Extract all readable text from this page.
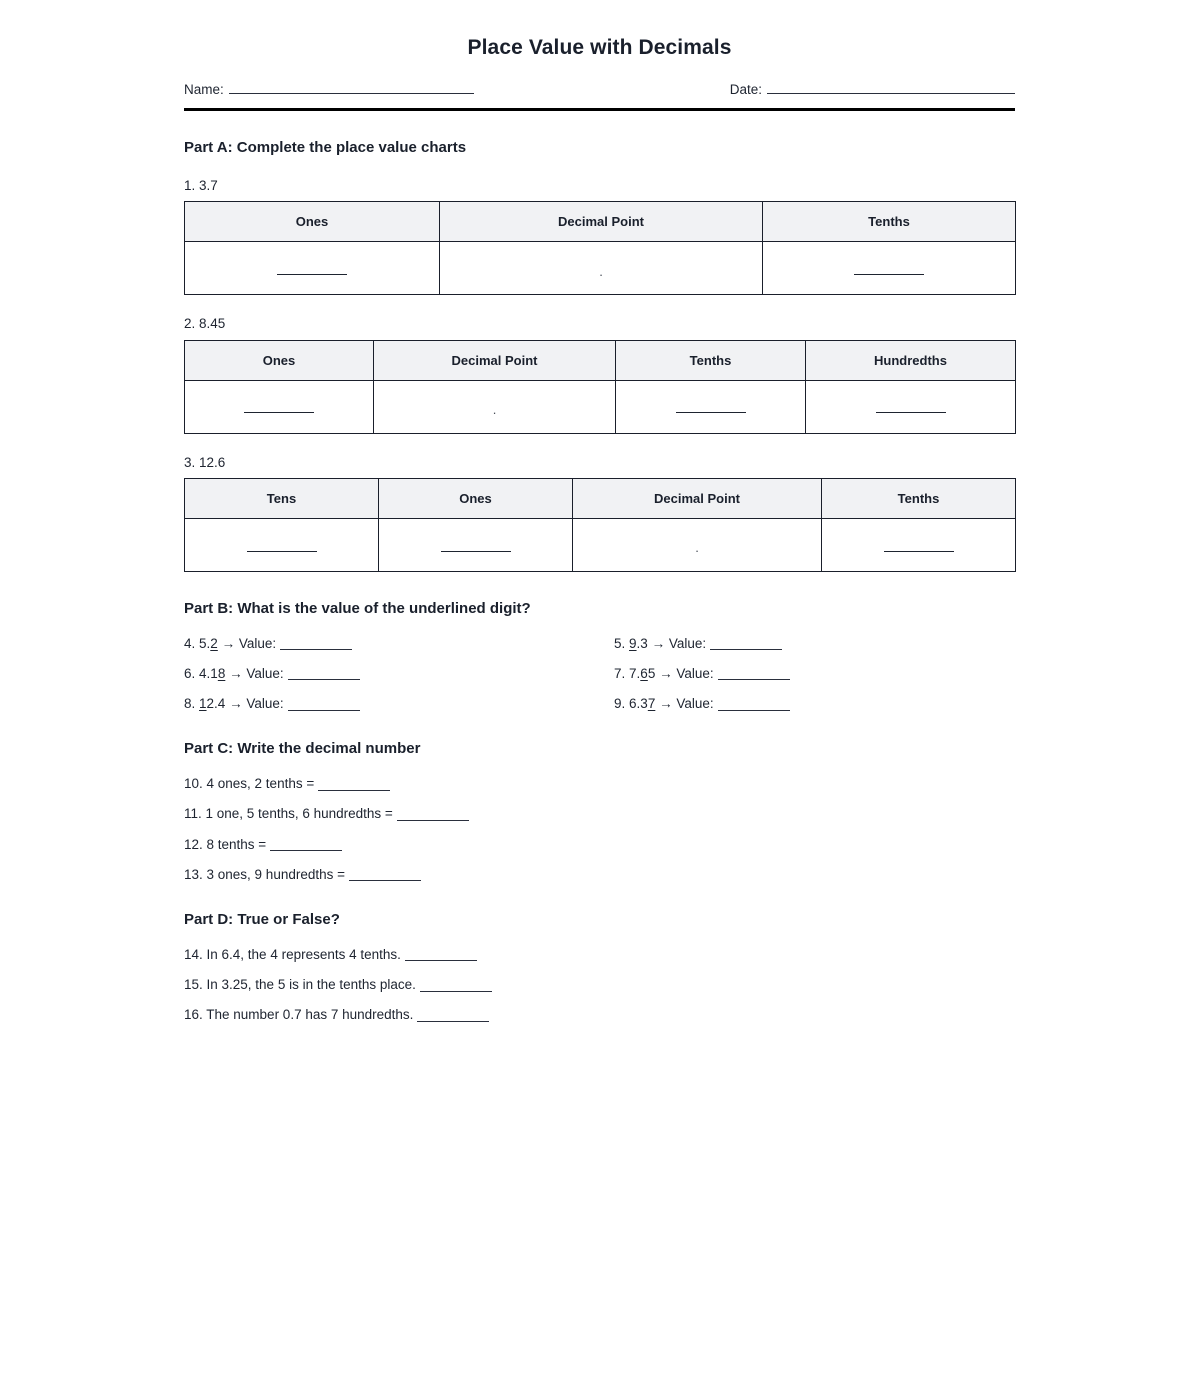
Place Value with Decimals
Name:	Date:
Part A: Complete the place value charts
1. 3.7
Ones	Decimal Point	Tenths
	.	
2. 8.45
Ones	Decimal Point	Tenths	Hundredths
	.		
3. 12.6
Tens	Ones	Decimal Point	Tenths
		.	
Part B: What is the value of the underlined digit?
4. 5.2 → Value:	5. 9.3 → Value:
6. 4.18 → Value:	7. 7.65 → Value:
8. 12.4 → Value:	9. 6.37 → Value:
Part C: Write the decimal number
10. 4 ones, 2 tenths =
11. 1 one, 5 tenths, 6 hundredths =
12. 8 tenths =
13. 3 ones, 9 hundredths =
Part D: True or False?
14. In 6.4, the 4 represents 4 tenths.
15. In 3.25, the 5 is in the tenths place.
16. The number 0.7 has 7 hundredths.
